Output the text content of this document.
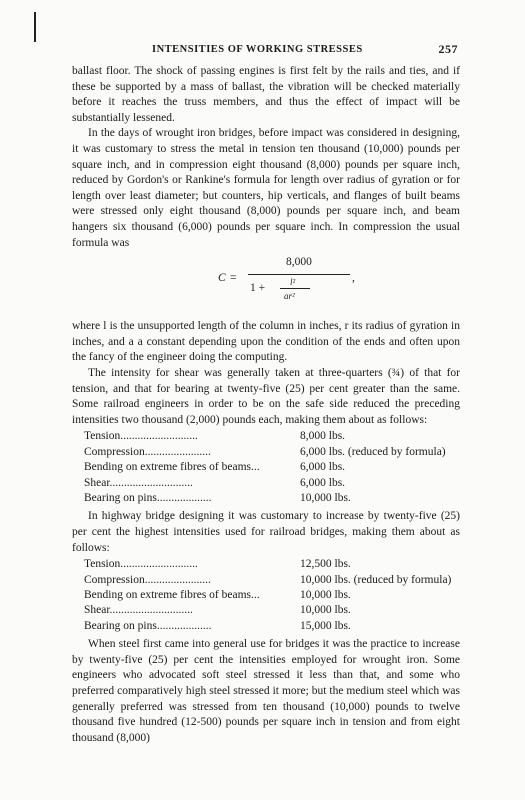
INTENSITIES OF WORKING STRESSES	257

ballast floor. The shock of passing engines is first felt by the rails and ties, and if these be supported by a mass of ballast, the vibration will be checked materially before it reaches the truss members, and thus the effect of impact will be substantially lessened.

In the days of wrought iron bridges, before impact was considered in designing, it was customary to stress the metal in tension ten thousand (10,000) pounds per square inch, and in compression eight thousand (8,000) pounds per square inch, reduced by Gordon's or Rankine's formula for length over radius of gyration or for length over least diameter; but counters, hip verticals, and flanges of built beams were stressed only eight thousand (8,000) pounds per square inch, and beam hangers six thousand (6,000) pounds per square inch. In compression the usual formula was

C =
8,000
,
1 +	l²
ar²

where l is the unsupported length of the column in inches, r its radius of gyration in inches, and a a constant depending upon the condition of the ends and often upon the fancy of the engineer doing the computing.

The intensity for shear was generally taken at three-quarters (¾) of that for tension, and that for bearing at twenty-five (25) per cent greater than the same. Some railroad engineers in order to be on the safe side reduced the preceding intensities two thousand (2,000) pounds each, making them about as follows:

Tension...........................	8,000 lbs.
Compression.......................	6,000 lbs. (reduced by formula)
Bending on extreme fibres of beams...	6,000 lbs.
Shear.............................	6,000 lbs.
Bearing on pins...................	10,000 lbs.

In highway bridge designing it was customary to increase by twenty-five (25) per cent the highest intensities used for railroad bridges, making them about as follows:

Tension...........................	12,500 lbs.
Compression.......................	10,000 lbs. (reduced by formula)
Bending on extreme fibres of beams...	10,000 lbs.
Shear.............................	10,000 lbs.
Bearing on pins...................	15,000 lbs.

When steel first came into general use for bridges it was the practice to increase by twenty-five (25) per cent the intensities employed for wrought iron. Some engineers who advocated soft steel stressed it less than that, and some who preferred comparatively high steel stressed it more; but the medium steel which was generally preferred was stressed from ten thousand (10,000) pounds to twelve thousand five hundred (12-500) pounds per square inch in tension and from eight thousand (8,000)
